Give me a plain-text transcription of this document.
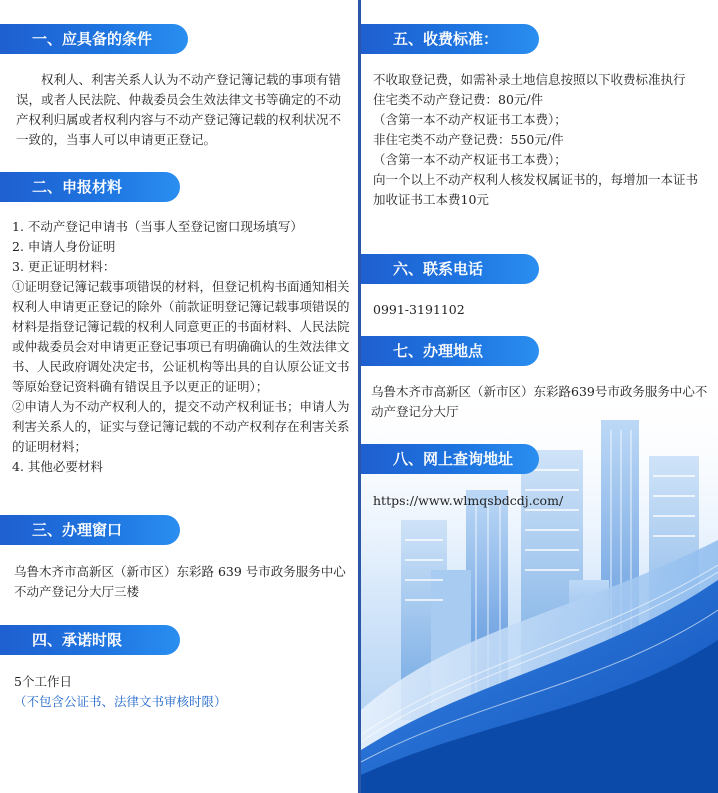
一、应具备的条件

权利人、利害关系人认为不动产登记簿记载的事项有错误，或者人民法院、仲裁委员会生效法律文书等确定的不动产权利归属或者权利内容与不动产登记簿记载的权利状况不一致的，当事人可以申请更正登记。

二、申报材料

1. 不动产登记申请书（当事人至登记窗口现场填写）

2. 申请人身份证明

3. 更正证明材料：

①证明登记簿记载事项错误的材料，但登记机构书面通知相关权利人申请更正登记的除外（前款证明登记簿记载事项错误的材料是指登记簿记载的权利人同意更正的书面材料、人民法院或仲裁委员会对申请更正登记事项已有明确确认的生效法律文书、人民政府调处决定书，公证机构等出具的自认原公证文书等原始登记资料确有错误且予以更正的证明）；

②申请人为不动产权利人的，提交不动产权利证书；申请人为利害关系人的，证实与登记簿记载的不动产权利存在利害关系的证明材料；

4. 其他必要材料

三、办理窗口

乌鲁木齐市高新区（新市区）东彩路 639 号市政务服务中心不动产登记分大厅三楼

四、承诺时限

5个工作日

（不包含公证书、法律文书审核时限）

五、收费标准：

不收取登记费，如需补录土地信息按照以下收费标准执行

住宅类不动产登记费：80元/件

（含第一本不动产权证书工本费）；

非住宅类不动产登记费：550元/件

（含第一本不动产权证书工本费）；

向一个以上不动产权利人核发权属证书的，每增加一本证书加收证书工本费10元

六、联系电话

0991-3191102

七、办理地点

乌鲁木齐市高新区（新市区）东彩路639号市政务服务中心不动产登记分大厅

八、网上查询地址

https://www.wlmqsbdcdj.com/
